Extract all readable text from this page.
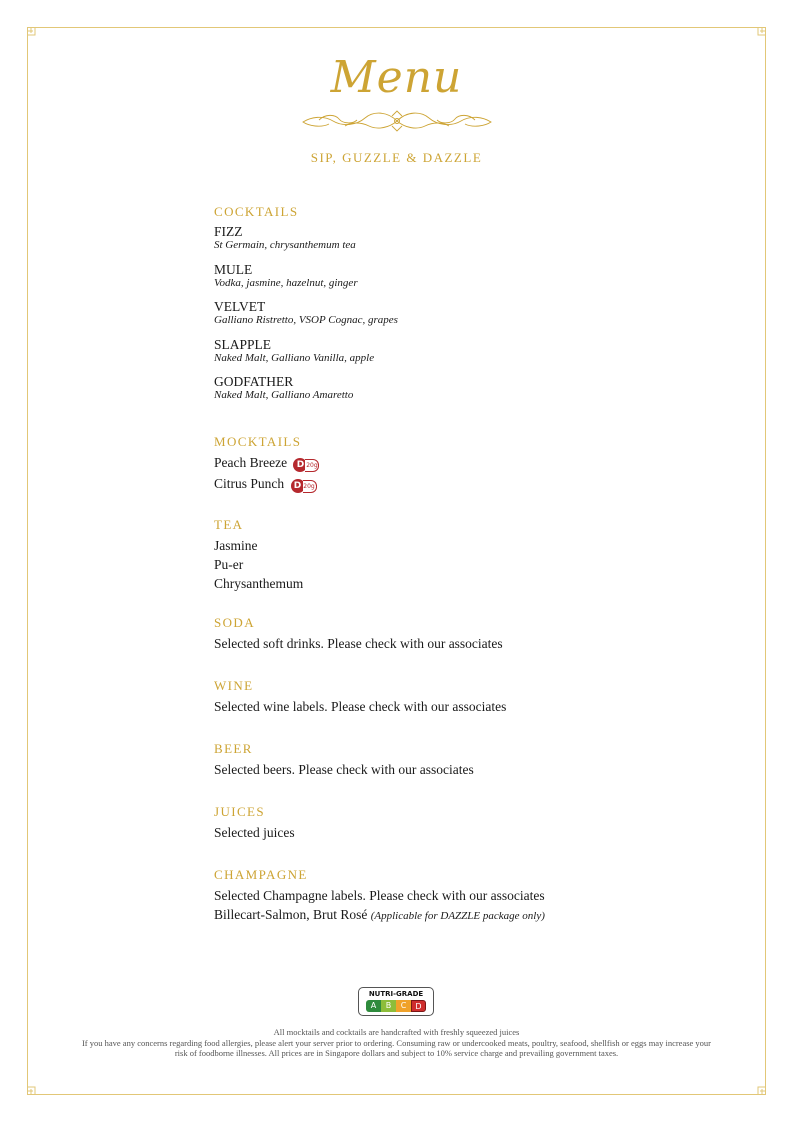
Menu
SIP, GUZZLE & DAZZLE
COCKTAILS
FIZZ
St Germain, chrysanthemum tea
MULE
Vodka, jasmine, hazelnut, ginger
VELVET
Galliano Ristretto, VSOP Cognac, grapes
SLAPPLE
Naked Malt, Galliano Vanilla, apple
GODFATHER
Naked Malt, Galliano Amaretto
MOCKTAILS
Peach Breeze D 20g
Citrus Punch D 20g
TEA
Jasmine
Pu-er
Chrysanthemum
SODA
Selected soft drinks. Please check with our associates
WINE
Selected wine labels. Please check with our associates
BEER
Selected beers. Please check with our associates
JUICES
Selected juices
CHAMPAGNE
Selected Champagne labels. Please check with our associates
Billecart-Salmon, Brut Rosé (Applicable for DAZZLE package only)
NUTRI-GRADE
A	B	C	D
All mocktails and cocktails are handcrafted with freshly squeezed juices
If you have any concerns regarding food allergies, please alert your server prior to ordering. Consuming raw or undercooked meats, poultry, seafood, shellfish or eggs may increase your risk of foodborne illnesses. All prices are in Singapore dollars and subject to 10% service charge and prevailing government taxes.
